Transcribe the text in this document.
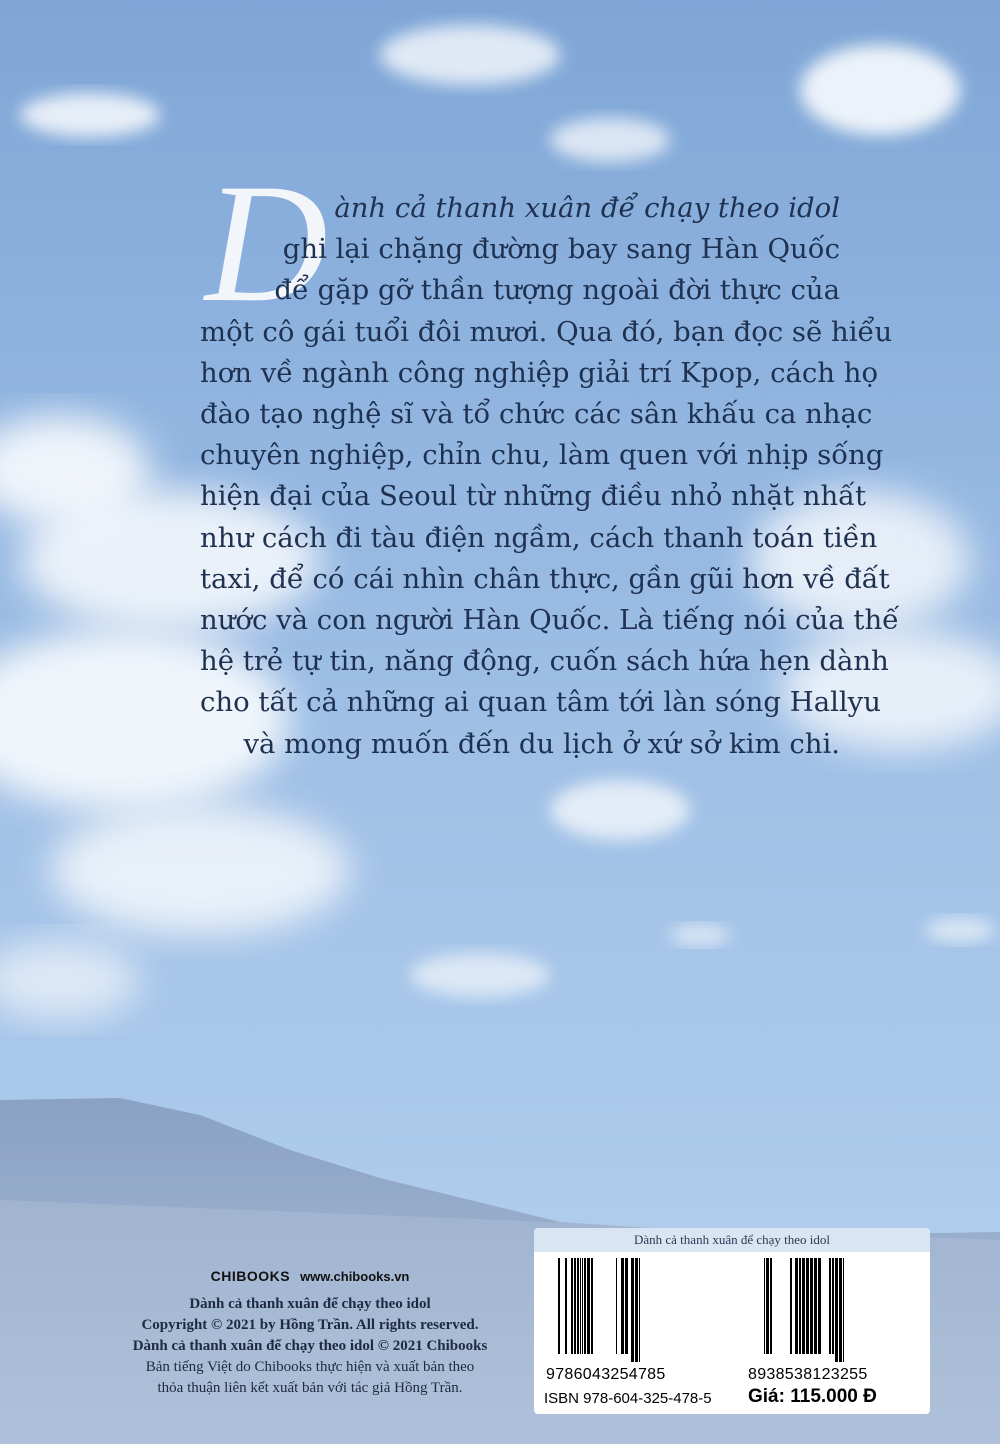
D ành cả thanh xuân để chạy theo idol
ghi lại chặng đường bay sang Hàn Quốc
để gặp gỡ thần tượng ngoài đời thực của
một cô gái tuổi đôi mươi. Qua đó, bạn đọc sẽ hiểu
hơn về ngành công nghiệp giải trí Kpop, cách họ
đào tạo nghệ sĩ và tổ chức các sân khấu ca nhạc
chuyên nghiệp, chỉn chu, làm quen với nhịp sống
hiện đại của Seoul từ những điều nhỏ nhặt nhất
như cách đi tàu điện ngầm, cách thanh toán tiền
taxi, để có cái nhìn chân thực, gần gũi hơn về đất
nước và con người Hàn Quốc. Là tiếng nói của thế
hệ trẻ tự tin, năng động, cuốn sách hứa hẹn dành
cho tất cả những ai quan tâm tới làn sóng Hallyu
và mong muốn đến du lịch ở xứ sở kim chi.
CHIBOOKS www.chibooks.vn
Dành cả thanh xuân để chạy theo idol
Copyright © 2021 by Hồng Trần. All rights reserved.
Dành cả thanh xuân để chạy theo idol © 2021 Chibooks
Bản tiếng Việt do Chibooks thực hiện và xuất bản theo
thỏa thuận liên kết xuất bản với tác giả Hồng Trần.
Dành cả thanh xuân để chạy theo idol
9786043254785	8938538123255
ISBN 978-604-325-478-5 Giá: 115.000 Đ
